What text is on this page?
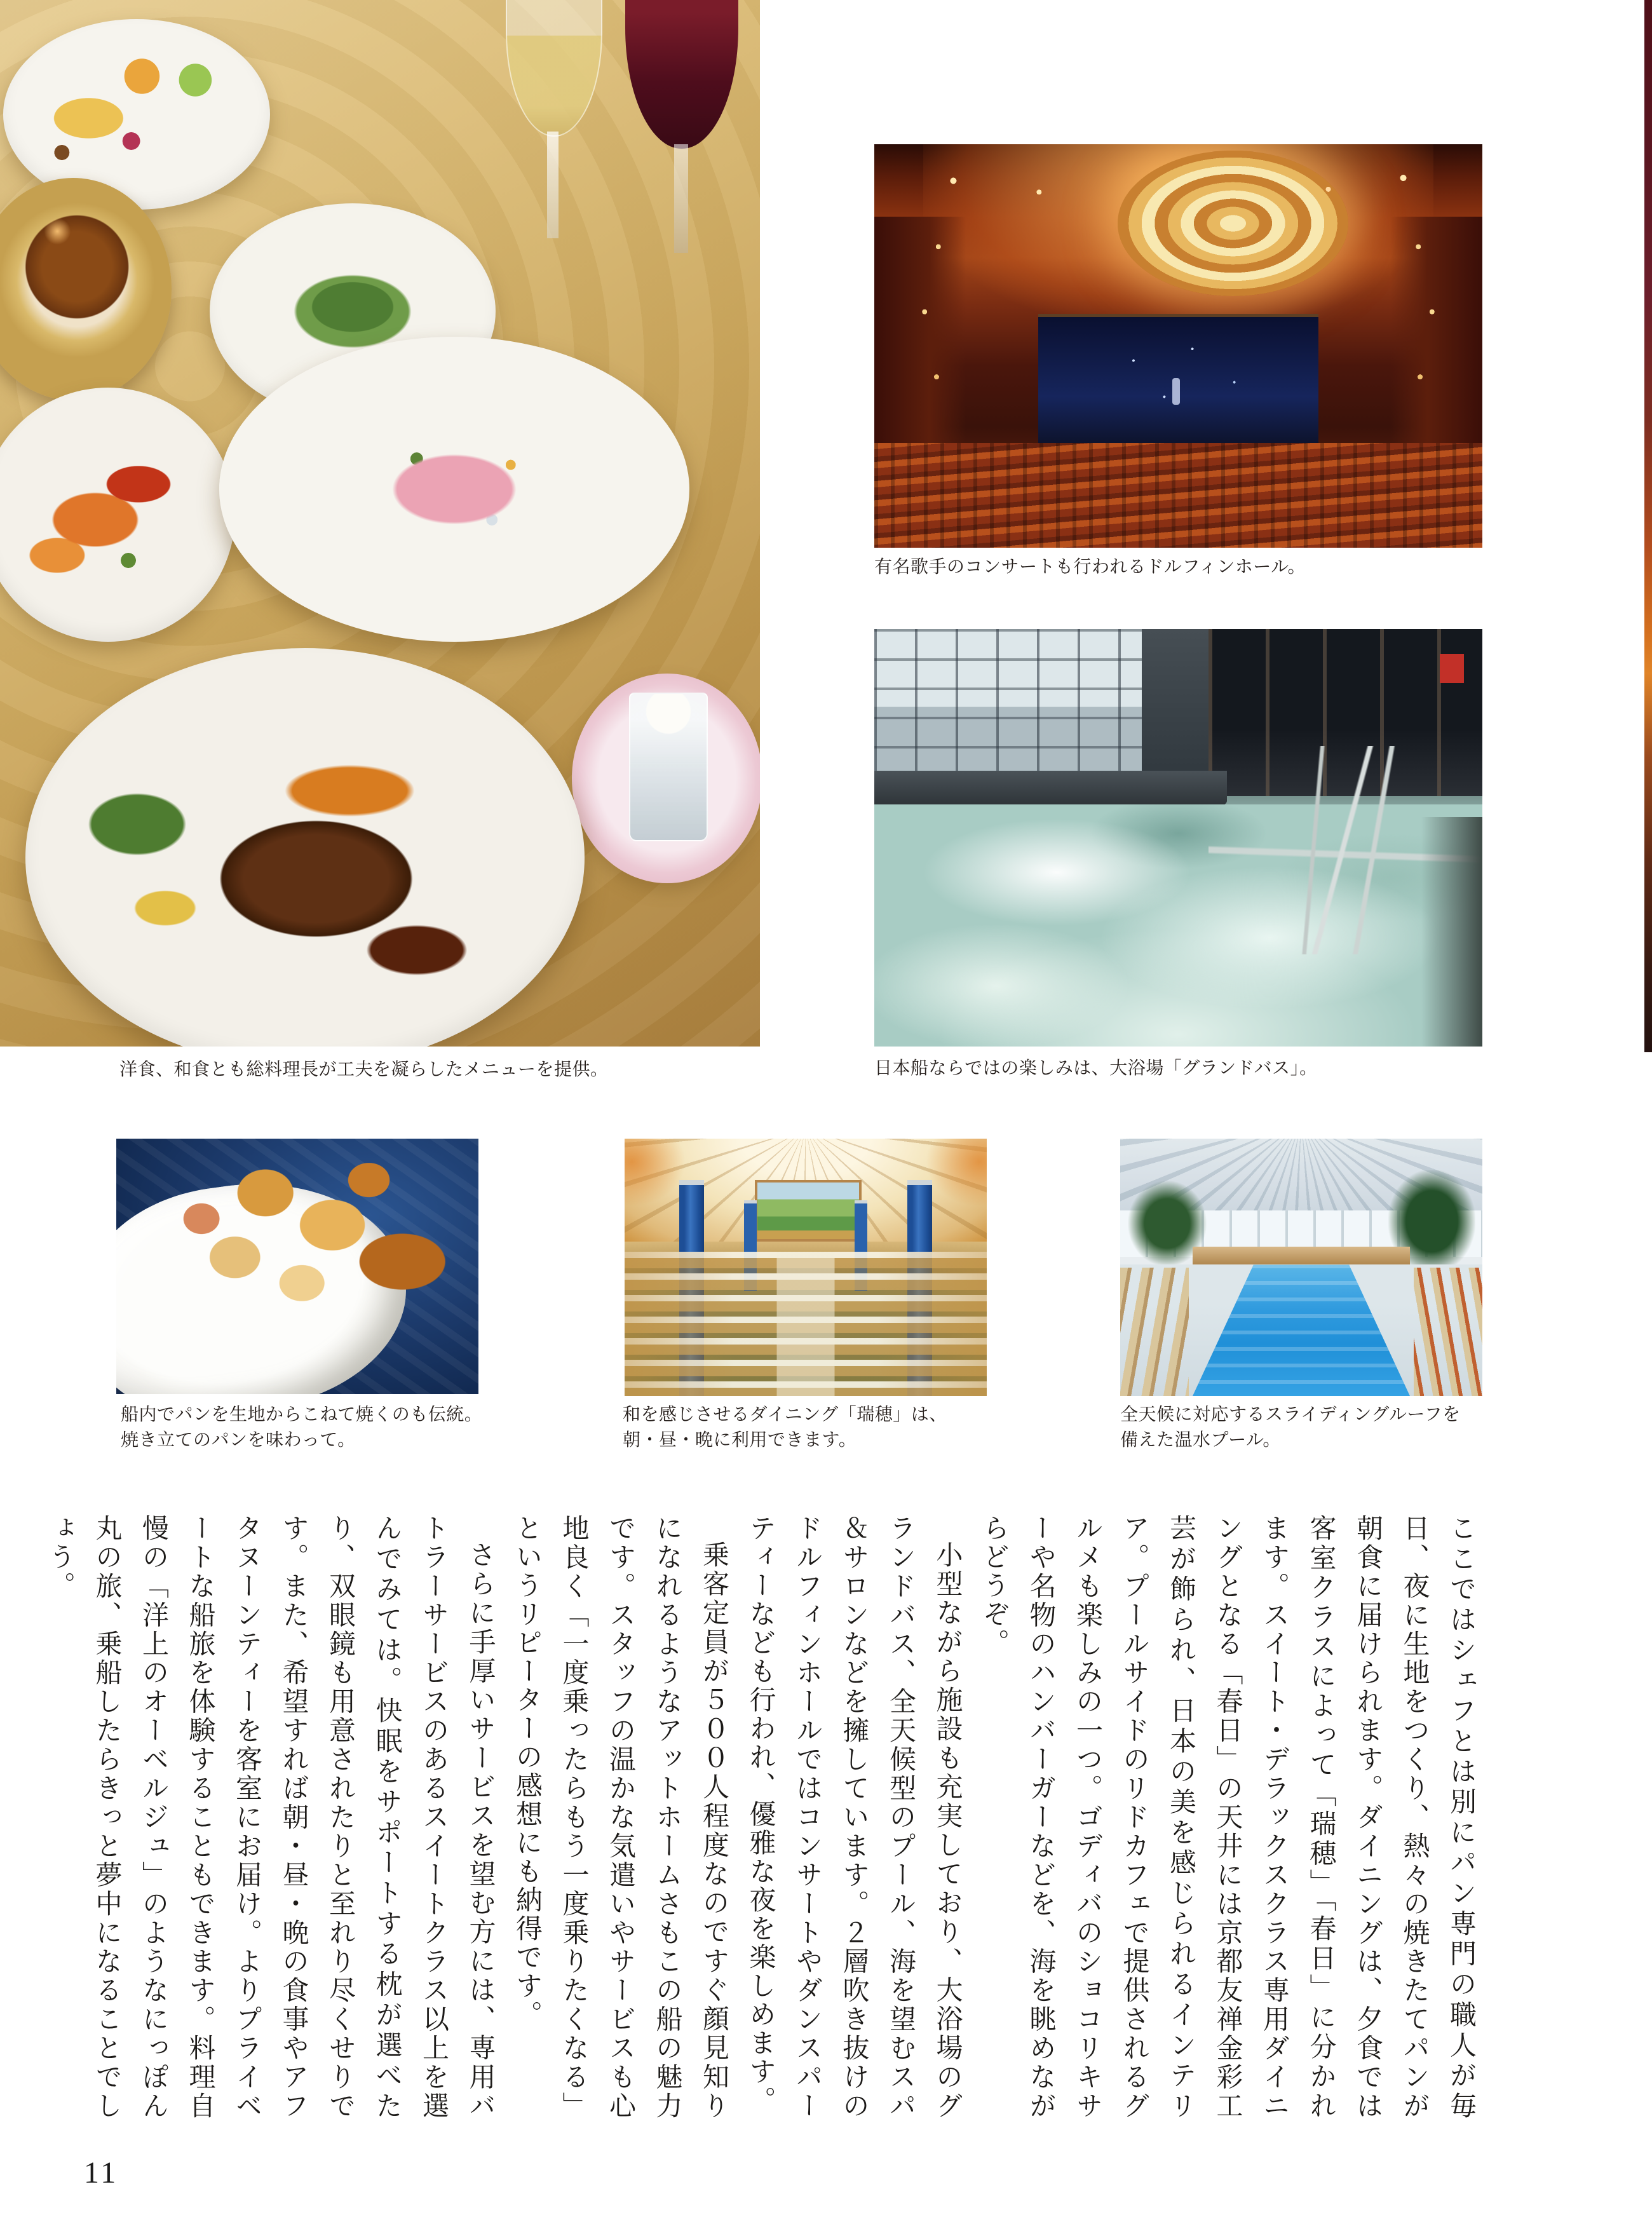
洋食、和食とも総料理長が工夫を凝らしたメニューを提供。
有名歌手のコンサートも行われるドルフィンホール。
日本船ならではの楽しみは、大浴場「グランドバス」。
船内でパンを生地からこねて焼くのも伝統。
焼き立てのパンを味わって。
和を感じさせるダイニング「瑞穂」は、
朝・昼・晩に利用できます。
全天候に対応するスライディングルーフを
備えた温水プール。

ここではシェフとは別にパン専門の職人が毎日、夜に生地をつくり、熱々の焼きたてパンが朝食に届けられます。ダイニングは、夕食では客室クラスによって「瑞穂」「春日」に分かれます。スイート・デラックスクラス専用ダイニングとなる「春日」の天井には京都友禅金彩工芸が飾られ、日本の美を感じられるインテリア。プールサイドのリドカフェで提供されるグルメも楽しみの一つ。ゴディバのショコリキサーや名物のハンバーガーなどを、海を眺めながらどうぞ。

小型ながら施設も充実しており、大浴場のグランドバス、全天候型のプール、海を望むスパ＆サロンなどを擁しています。２層吹き抜けのドルフィンホールではコンサートやダンスパーティーなども行われ、優雅な夜を楽しめます。

乗客定員が５００人程度なのですぐ顔見知りになれるようなアットホームさもこの船の魅力です。スタッフの温かな気遣いやサービスも心地良く「一度乗ったらもう一度乗りたくなる」というリピーターの感想にも納得です。

さらに手厚いサービスを望む方には、専用バトラーサービスのあるスイートクラス以上を選んでみては。快眠をサポートする枕が選べたり、双眼鏡も用意されたりと至れり尽くせりです。また、希望すれば朝・昼・晩の食事やアフタヌーンティーを客室にお届け。よりプライベートな船旅を体験することもできます。料理自慢の「洋上のオーベルジュ」のようなにっぽん丸の旅、乗船したらきっと夢中になることでしょう。

11
